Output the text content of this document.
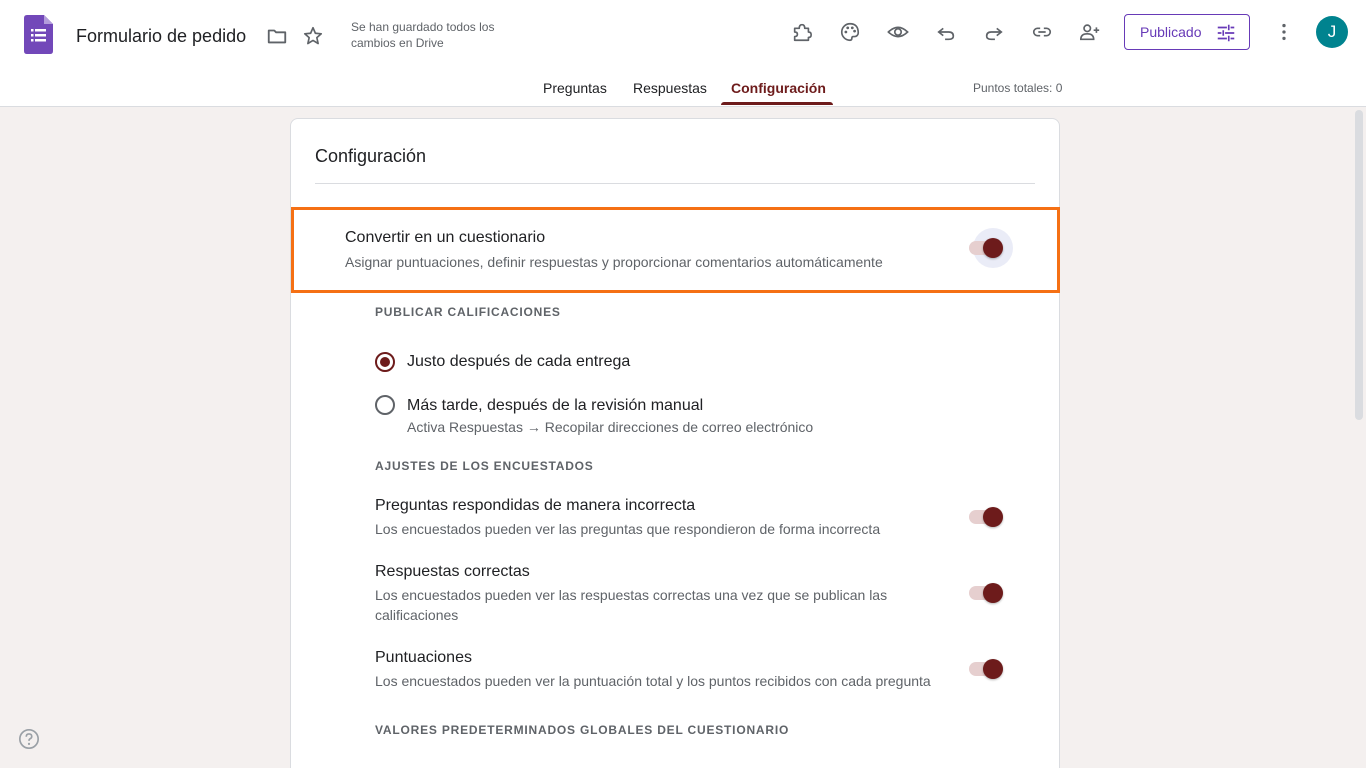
Formulario de pedido	Se han guardado todos los cambios en Drive
Publicado	J
Preguntas Respuestas Configuración	Puntos totales: 0
Configuración
Convertir en un cuestionario
Asignar puntuaciones, definir respuestas y proporcionar comentarios automáticamente
PUBLICAR CALIFICACIONES
Justo después de cada entrega
Más tarde, después de la revisión manual
Activa Respuestas → Recopilar direcciones de correo electrónico
AJUSTES DE LOS ENCUESTADOS
Preguntas respondidas de manera incorrecta
Los encuestados pueden ver las preguntas que respondieron de forma incorrecta
Respuestas correctas
Los encuestados pueden ver las respuestas correctas una vez que se publican las
calificaciones
Puntuaciones
Los encuestados pueden ver la puntuación total y los puntos recibidos con cada pregunta
VALORES PREDETERMINADOS GLOBALES DEL CUESTIONARIO
